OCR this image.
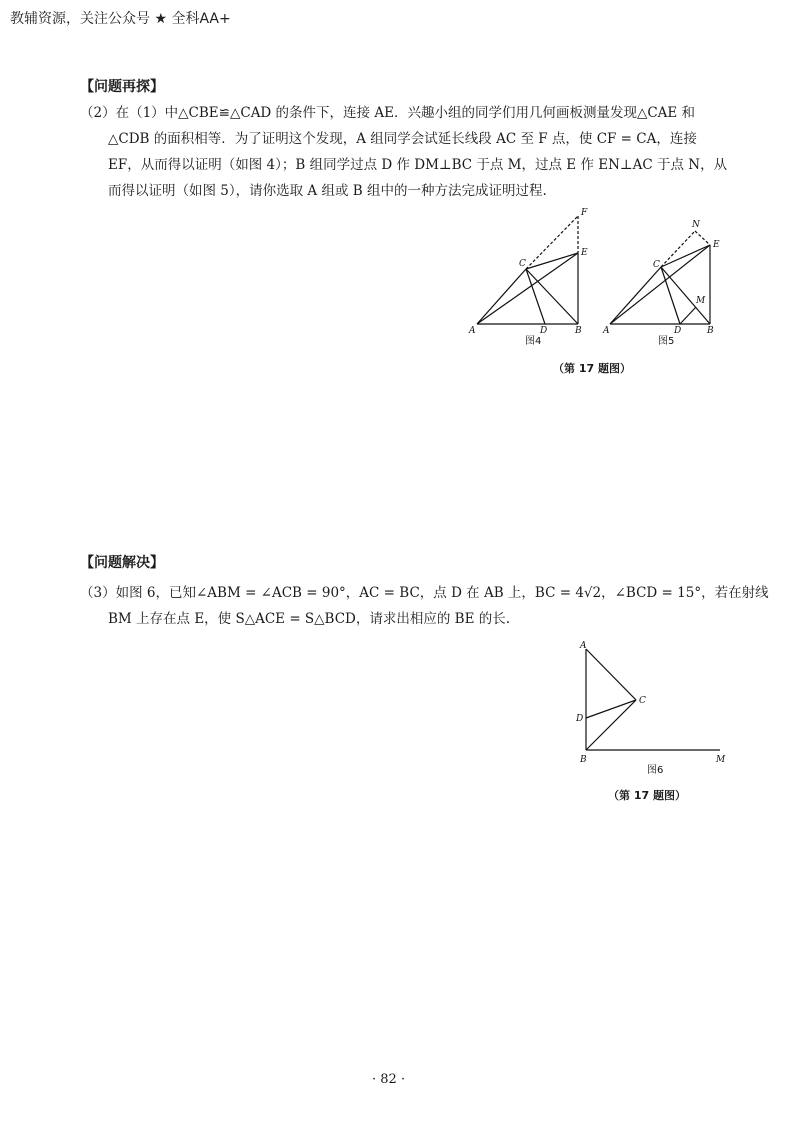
教辅资源，关注公众号 ★ 全科AA+
【问题再探】
（2）在（1）中△CBE≌△CAD 的条件下，连接 AE．兴趣小组的同学们用几何画板测量发现△CAE 和
△CDB 的面积相等．为了证明这个发现，A 组同学会试延长线段 AC 至 F 点，使 CF = CA，连接
EF，从而得以证明（如图 4）；B 组同学过点 D 作 DM⊥BC 于点 M，过点 E 作 EN⊥AC 于点 N，从
而得以证明（如图 5），请你选取 A 组或 B 组中的一种方法完成证明过程.
A	B
C
D
E
F
图4
A	B
C
D
E
M
N
图5
（第 17 题图）
【问题解决】
（3）如图 6，已知∠ABM = ∠ACB = 90°，AC = BC，点 D 在 AB 上，BC = 4√2，∠BCD = 15°，若在射线
BM 上存在点 E，使 S△ACE = S△BCD，请求出相应的 BE 的长.
A
B
C
D
M
图6
（第 17 题图）
· 82 ·
